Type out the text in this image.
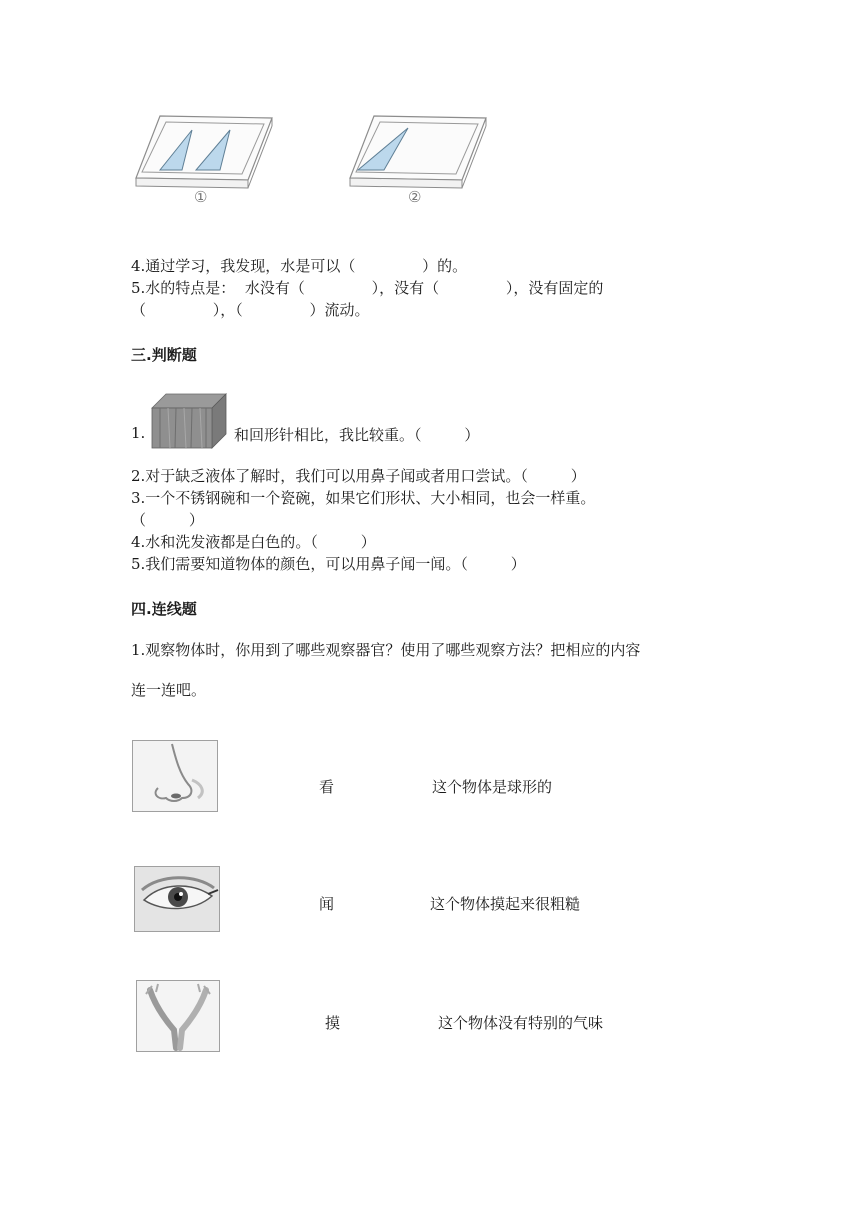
①	②
4.通过学习，我发现，水是可以（              ）的。
5.水的特点是：  水没有（              ），没有（              ），没有固定的
（              ），（              ）流动。
三.判断题
1.	和回形针相比，我比较重。（         ）
2.对于缺乏液体了解时，我们可以用鼻子闻或者用口尝试。（         ）
3.一个不锈钢碗和一个瓷碗，如果它们形状、大小相同，也会一样重。
（         ）
4.水和洗发液都是白色的。（         ）
5.我们需要知道物体的颜色，可以用鼻子闻一闻。（         ）
四.连线题
1.观察物体时，你用到了哪些观察器官？使用了哪些观察方法？把相应的内容
连一连吧。
看	这个物体是球形的
闻	这个物体摸起来很粗糙
摸	这个物体没有特别的气味
